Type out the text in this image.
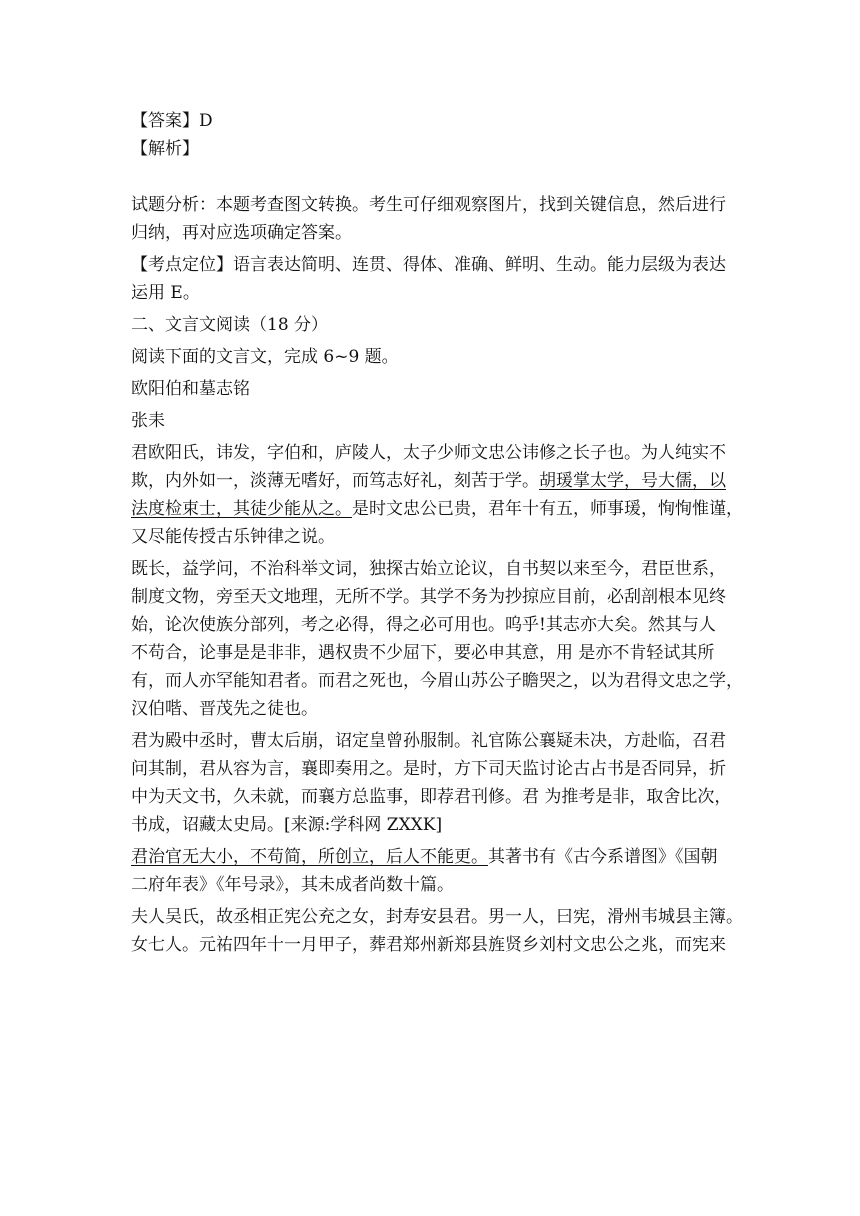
【答案】D
【解析】
试题分析：本题考查图文转换。考生可仔细观察图片，找到关键信息，然后进行
归纳，再对应选项确定答案。
【考点定位】语言表达简明、连贯、得体、准确、鲜明、生动。能力层级为表达
运用 E。
二、文言文阅读（18 分）
阅读下面的文言文，完成 6~9 题。
欧阳伯和墓志铭
张耒
君欧阳氏，讳发，字伯和，庐陵人，太子少师文忠公讳修之长子也。为人纯实不
欺，内外如一，淡薄无嗜好，而笃志好礼，刻苦于学。胡瑗掌太学，号大儒，以
法度检束士，其徒少能从之。是时文忠公已贵，君年十有五，师事瑗，恂恂惟谨，
又尽能传授古乐钟律之说。
既长，益学问，不治科举文词，独探古始立论议，自书契以来至今，君臣世系，
制度文物，旁至天文地理，无所不学。其学不务为抄掠应目前，必刮剖根本见终
始，论次使族分部列，考之必得，得之必可用也。呜乎!其志亦大矣。然其与人
不苟合，论事是是非非，遇权贵不少屈下，要必申其意，用 是亦不肯轻试其所
有，而人亦罕能知君者。而君之死也，今眉山苏公子瞻哭之，以为君得文忠之学，
汉伯喈、晋茂先之徒也。
君为殿中丞时，曹太后崩，诏定皇曾孙服制。礼官陈公襄疑未决，方赴临，召君
问其制，君从容为言，襄即奏用之。是时，方下司天监讨论古占书是否同异，折
中为天文书，久未就，而襄方总监事，即荐君刊修。君 为推考是非，取舍比次，
书成，诏藏太史局。[来源:学科网 ZXXK]
君治官无大小，不苟简，所创立，后人不能更。其著书有《古今系谱图》《国朝
二府年表》《年号录》，其未成者尚数十篇。
夫人吴氏，故丞相正宪公充之女，封寿安县君。男一人，曰宪，滑州韦城县主簿。
女七人。元祐四年十一月甲子，葬君郑州新郑县旌贤乡刘村文忠公之兆，而宪来
